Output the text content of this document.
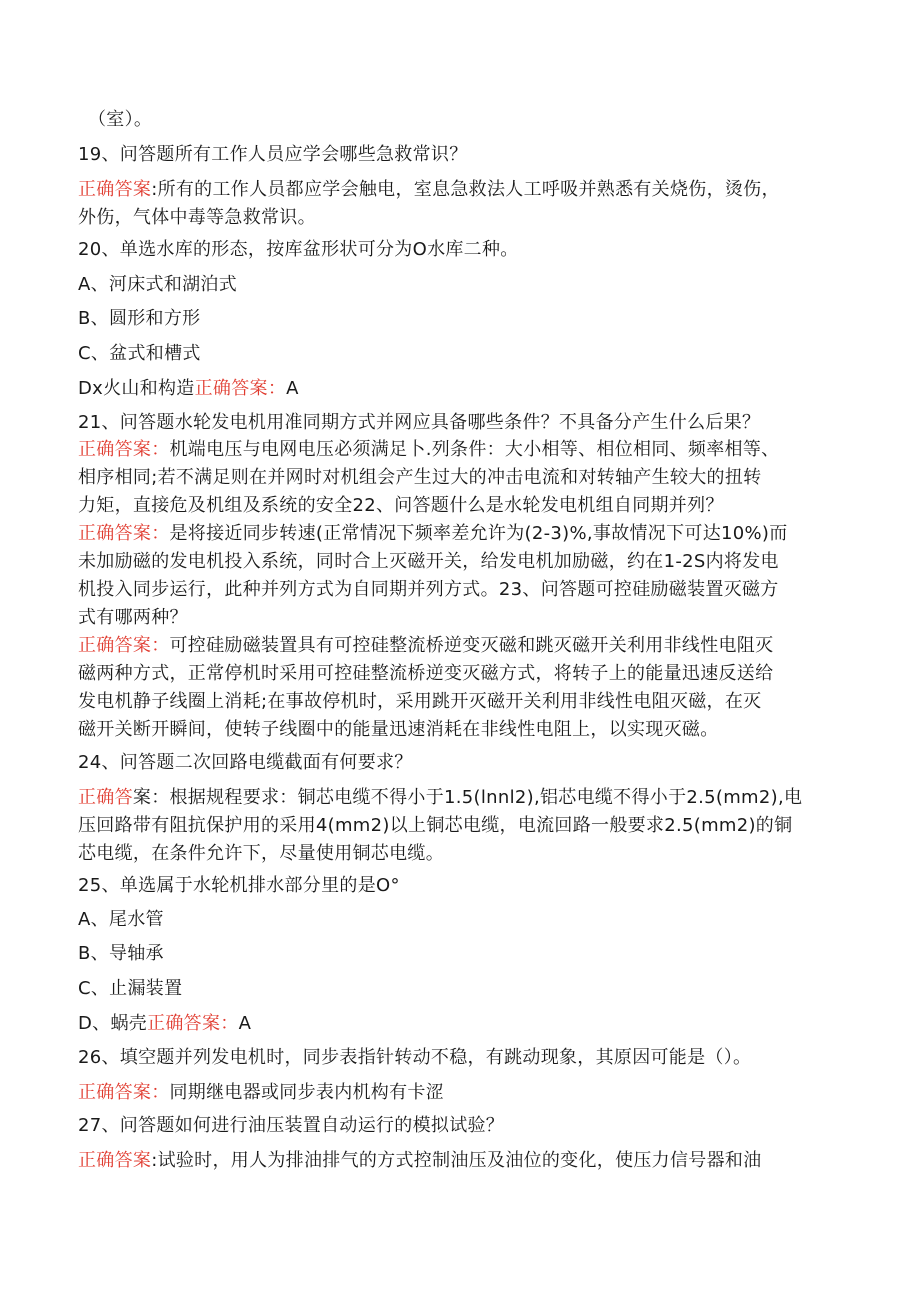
（室）。
19、问答题所有工作人员应学会哪些急救常识？
正确答案:所有的工作人员都应学会触电，室息急救法人工呼吸并熟悉有关烧伤，烫伤，
外伤，气体中毒等急救常识。
20、单选水库的形态，按库盆形状可分为O水库二种。
A、河床式和湖泊式
B、圆形和方形
C、盆式和槽式
Dx火山和构造正确答案：A
21、问答题水轮发电机用准同期方式并网应具备哪些条件？不具备分产生什么后果？
正确答案：机端电压与电网电压必须满足卜.列条件：大小相等、相位相同、频率相等、
相序相同;若不满足则在并网时对机组会产生过大的冲击电流和对转轴产生较大的扭转
力矩，直接危及机组及系统的安全22、问答题什么是水轮发电机组自同期并列？
正确答案：是将接近同步转速(正常情况下频率差允许为(2-3)%,事故情况下可达10%)而
未加励磁的发电机投入系统，同时合上灭磁开关，给发电机加励磁，约在1-2S内将发电
机投入同步运行，此种并列方式为自同期并列方式。23、问答题可控硅励磁装置灭磁方
式有哪两种？
正确答案：可控硅励磁装置具有可控硅整流桥逆变灭磁和跳灭磁开关利用非线性电阻灭
磁两种方式，正常停机时采用可控硅整流桥逆变灭磁方式，将转子上的能量迅速反送给
发电机静子线圈上消耗;在事故停机时，采用跳开灭磁开关利用非线性电阻灭磁，在灭
磁开关断开瞬间，使转子线圈中的能量迅速消耗在非线性电阻上，以实现灭磁。
24、问答题二次回路电缆截面有何要求？
正确答案：根据规程要求：铜芯电缆不得小于1.5(lnnl2),铝芯电缆不得小于2.5(mm2),电
压回路带有阻抗保护用的采用4(mm2)以上铜芯电缆，电流回路一般要求2.5(mm2)的铜
芯电缆，在条件允许下，尽量使用铜芯电缆。
25、单选属于水轮机排水部分里的是O°
A、尾水管
B、导轴承
C、止漏装置
D、蜗壳正确答案：A
26、填空题并列发电机时，同步表指针转动不稳，有跳动现象，其原因可能是（）。
正确答案：同期继电器或同步表内机构有卡涩
27、问答题如何进行油压装置自动运行的模拟试验？
正确答案:试验时，用人为排油排气的方式控制油压及油位的变化，使压力信号器和油
